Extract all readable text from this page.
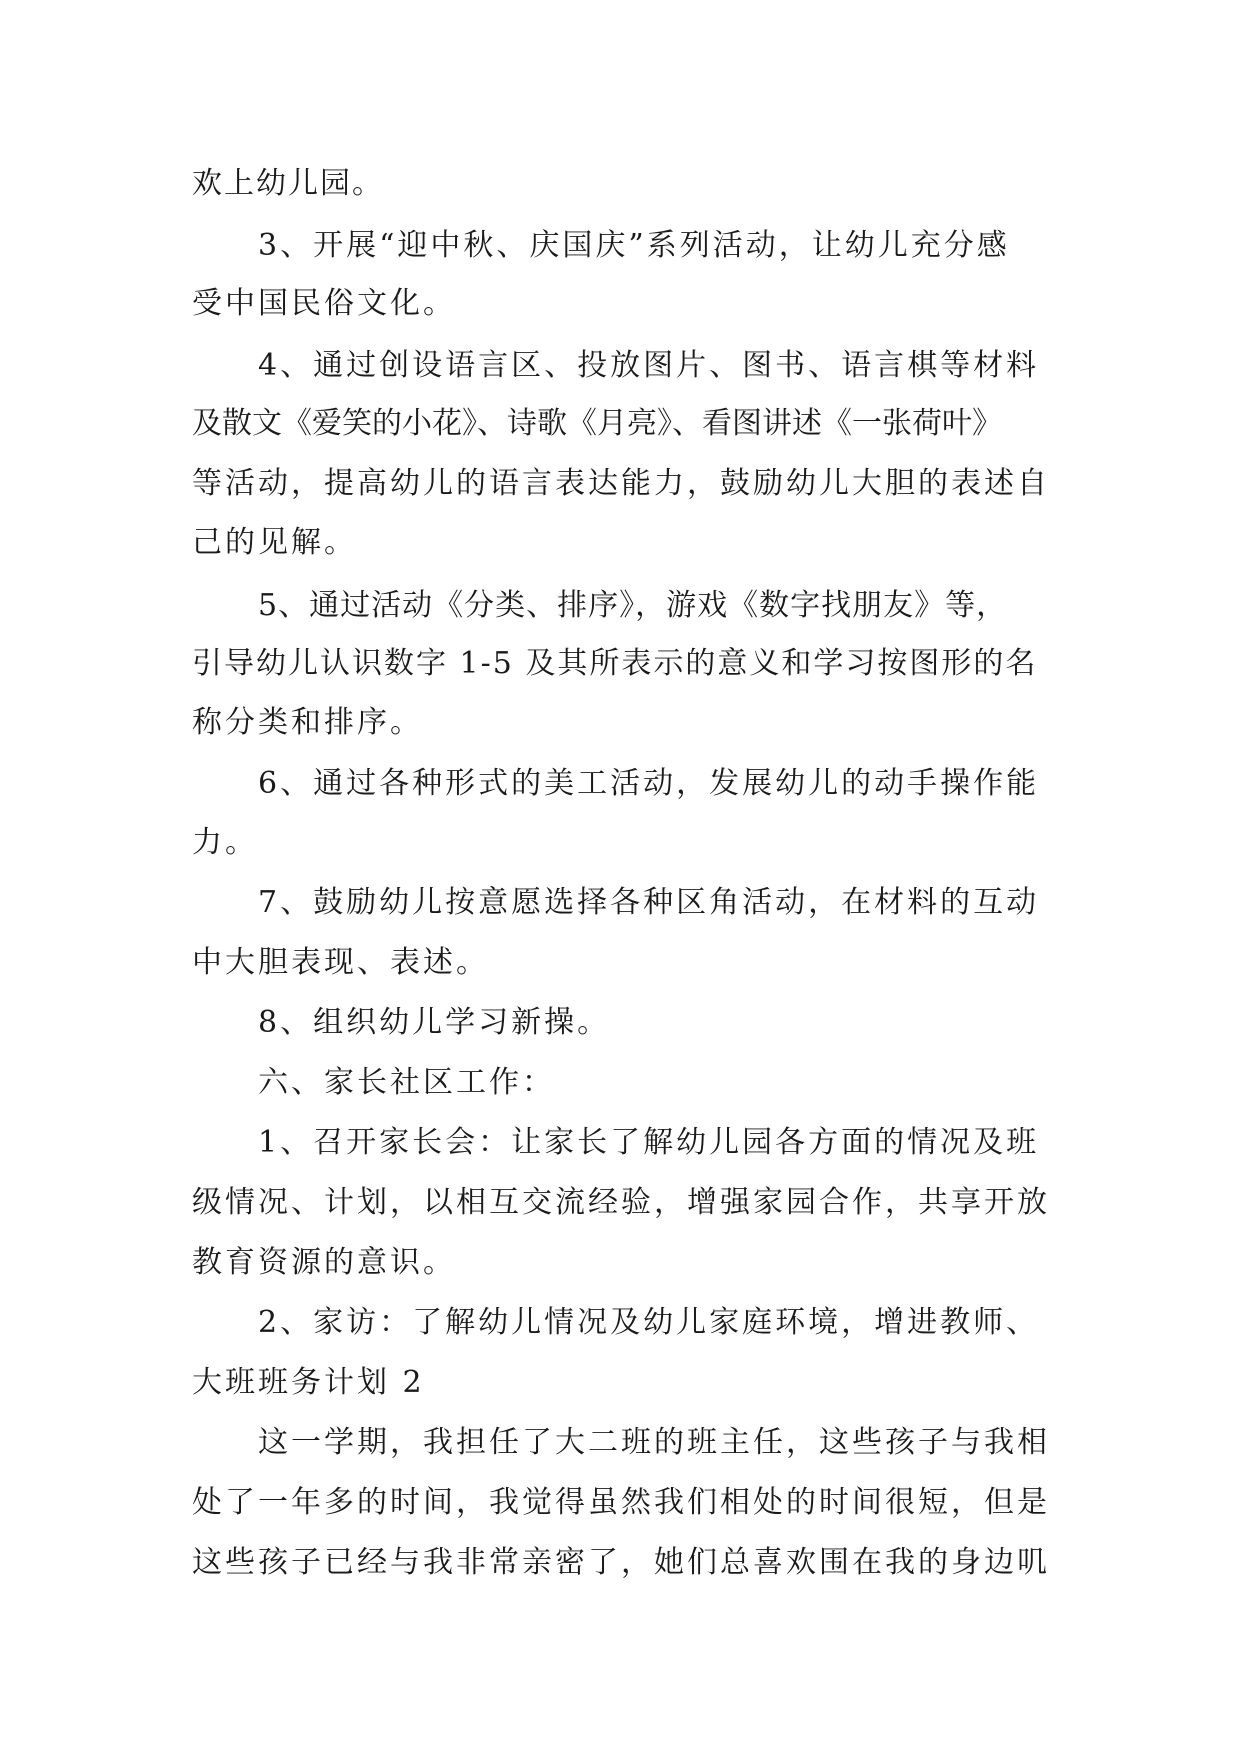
欢上幼儿园。

3、开展“迎中秋、庆国庆”系列活动，让幼儿充分感

受中国民俗文化。

4、通过创设语言区、投放图片、图书、语言棋等材料

及散文《爱笑的小花》、诗歌《月亮》、看图讲述《一张荷叶》

等活动，提高幼儿的语言表达能力，鼓励幼儿大胆的表述自

己的见解。

5、通过活动《分类、排序》，游戏《数字找朋友》等，

引导幼儿认识数字 1-5 及其所表示的意义和学习按图形的名

称分类和排序。

6、通过各种形式的美工活动，发展幼儿的动手操作能

力。

7、鼓励幼儿按意愿选择各种区角活动，在材料的互动

中大胆表现、表述。

8、组织幼儿学习新操。

六、家长社区工作：

1、召开家长会：让家长了解幼儿园各方面的情况及班

级情况、计划，以相互交流经验，增强家园合作，共享开放

教育资源的意识。

2、家访：了解幼儿情况及幼儿家庭环境，增进教师、

大班班务计划 2

这一学期，我担任了大二班的班主任，这些孩子与我相

处了一年多的时间，我觉得虽然我们相处的时间很短，但是

这些孩子已经与我非常亲密了，她们总喜欢围在我的身边叽
